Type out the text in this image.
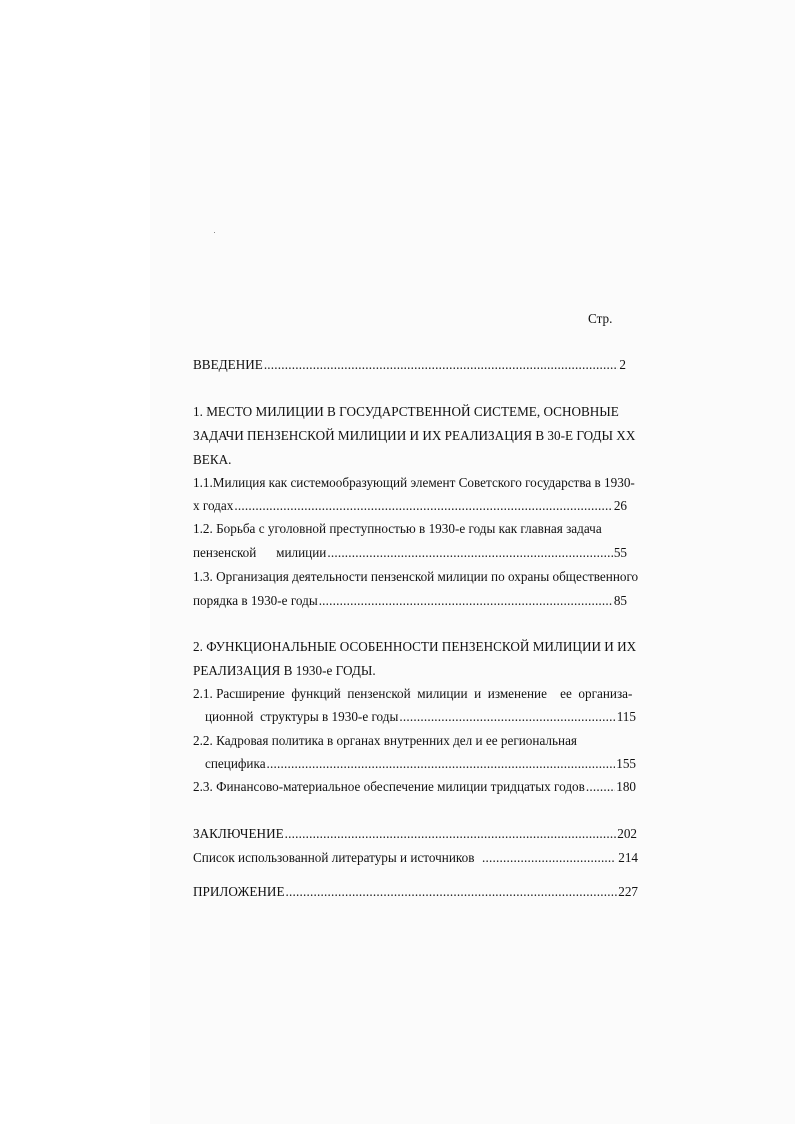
Стр.
ВВЕДЕНИЕ .....	2
1. МЕСТО МИЛИЦИИ В ГОСУДАРСТВЕННОЙ СИСТЕМЕ, ОСНОВНЫЕ
ЗАДАЧИ ПЕНЗЕНСКОЙ МИЛИЦИИ И ИХ РЕАЛИЗАЦИЯ В 30-Е ГОДЫ XX
ВЕКА.
1.1.Милиция как системообразующий элемент Советского государства в 1930-
х годах .....	26
1.2. Борьба с уголовной преступностью в 1930-е годы как главная задача
пензенской      милиции .....	55
1.3. Организация деятельности пензенской милиции по охраны общественного
порядка в 1930-е годы .....	85
2. ФУНКЦИОНАЛЬНЫЕ ОСОБЕННОСТИ ПЕНЗЕНСКОЙ МИЛИЦИИ И ИХ
РЕАЛИЗАЦИЯ В 1930-е ГОДЫ.
2.1. Расширение  функций  пензенской  милиции  и  изменение    ее  организа-
ционной  структуры в 1930-е годы .....	115
2.2. Кадровая политика в органах внутренних дел и ее региональная
специфика .....	155
2.3. Финансово-материальное обеспечение милиции тридцатых годов ..... 180
ЗАКЛЮЧЕНИЕ .....	202
Список использованной литературы и источников .....	214
ПРИЛОЖЕНИЕ .....	227
